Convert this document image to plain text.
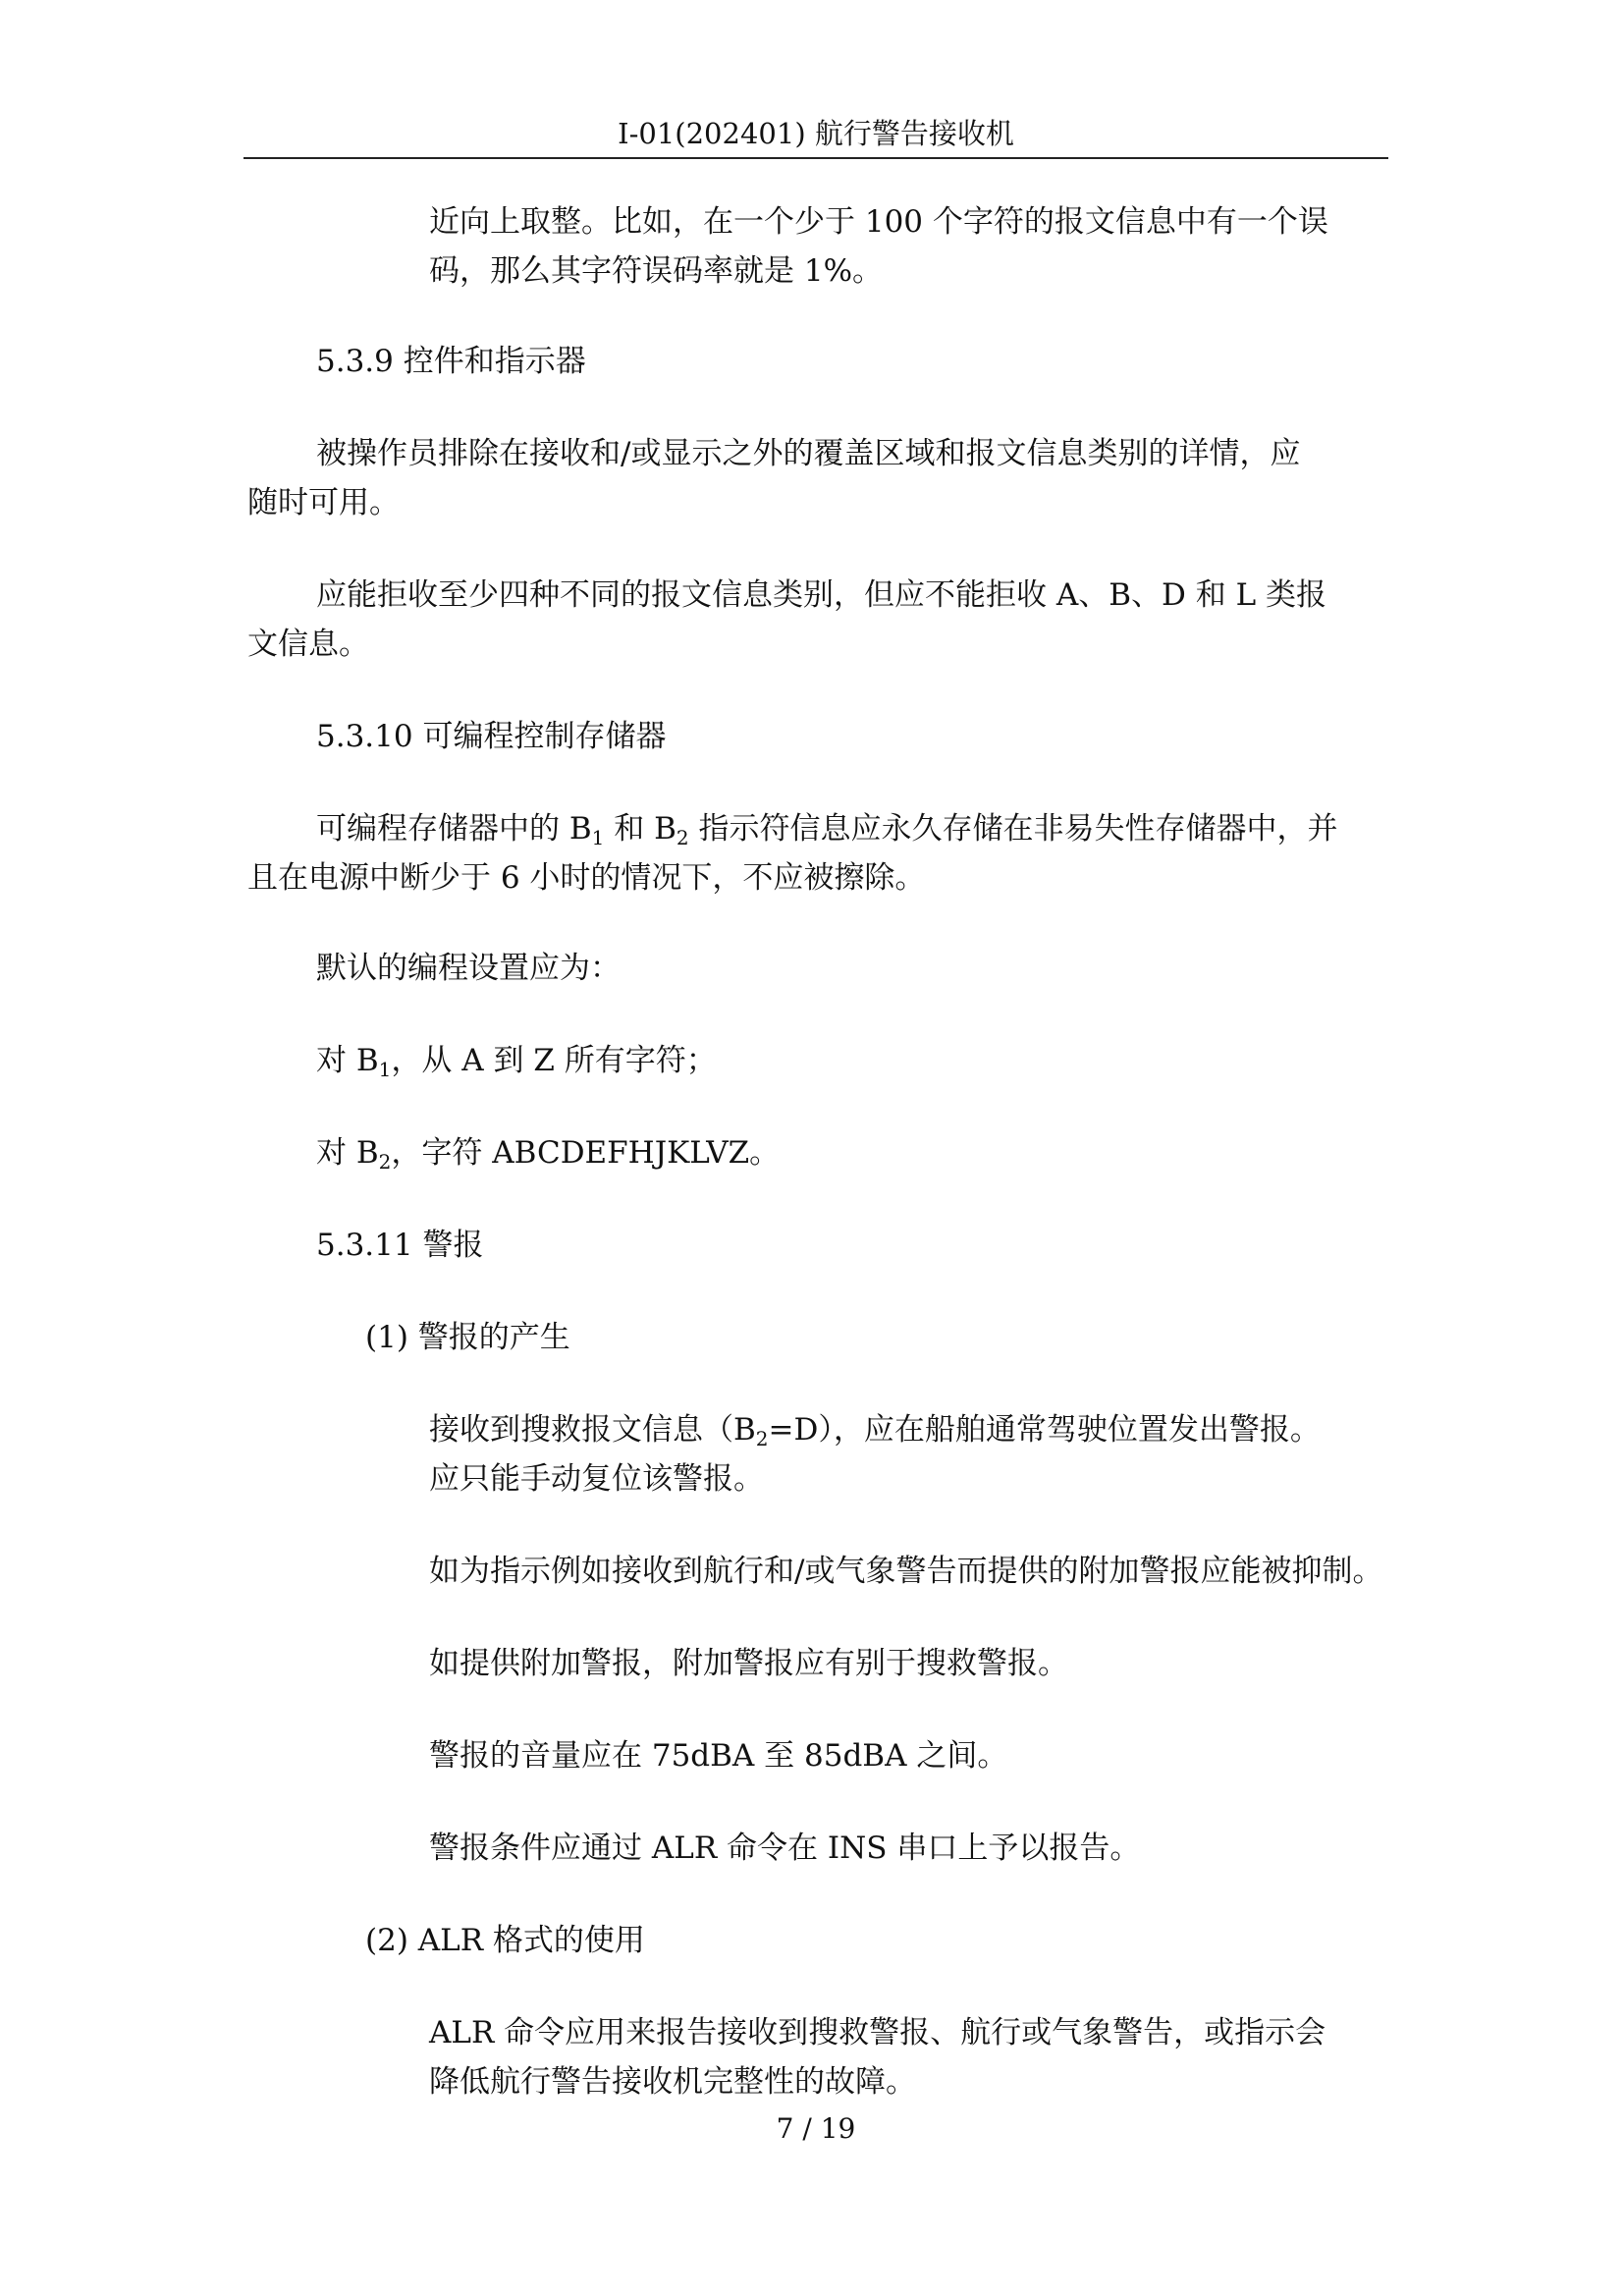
I-01(202401) 航行警告接收机
近向上取整。比如，在一个少于 100 个字符的报文信息中有一个误
码，那么其字符误码率就是 1%。
5.3.9 控件和指示器
被操作员排除在接收和/或显示之外的覆盖区域和报文信息类别的详情，应
随时可用。
应能拒收至少四种不同的报文信息类别，但应不能拒收 A、B、D 和 L 类报
文信息。
5.3.10 可编程控制存储器
可编程存储器中的 $B_1$ 和 $B_2$ 指示符信息应永久存储在非易失性存储器中，并
且在电源中断少于 6 小时的情况下，不应被擦除。
默认的编程设置应为：
对 $B_1$，从 A 到 Z 所有字符；
对 $B_2$，字符 ABCDEFHJKLVZ。
5.3.11 警报
(1) 警报的产生
接收到搜救报文信息$(B_2=D)$，应在船舶通常驾驶位置发出警报。
应只能手动复位该警报。
如为指示例如接收到航行和/或气象警告而提供的附加警报应能被抑制。
如提供附加警报，附加警报应有别于搜救警报。
警报的音量应在 75dBA 至 85dBA 之间。
警报条件应通过 ALR 命令在 INS 串口上予以报告。
(2) ALR 格式的使用
ALR 命令应用来报告接收到搜救警报、航行或气象警告，或指示会
降低航行警告接收机完整性的故障。
7 / 19
